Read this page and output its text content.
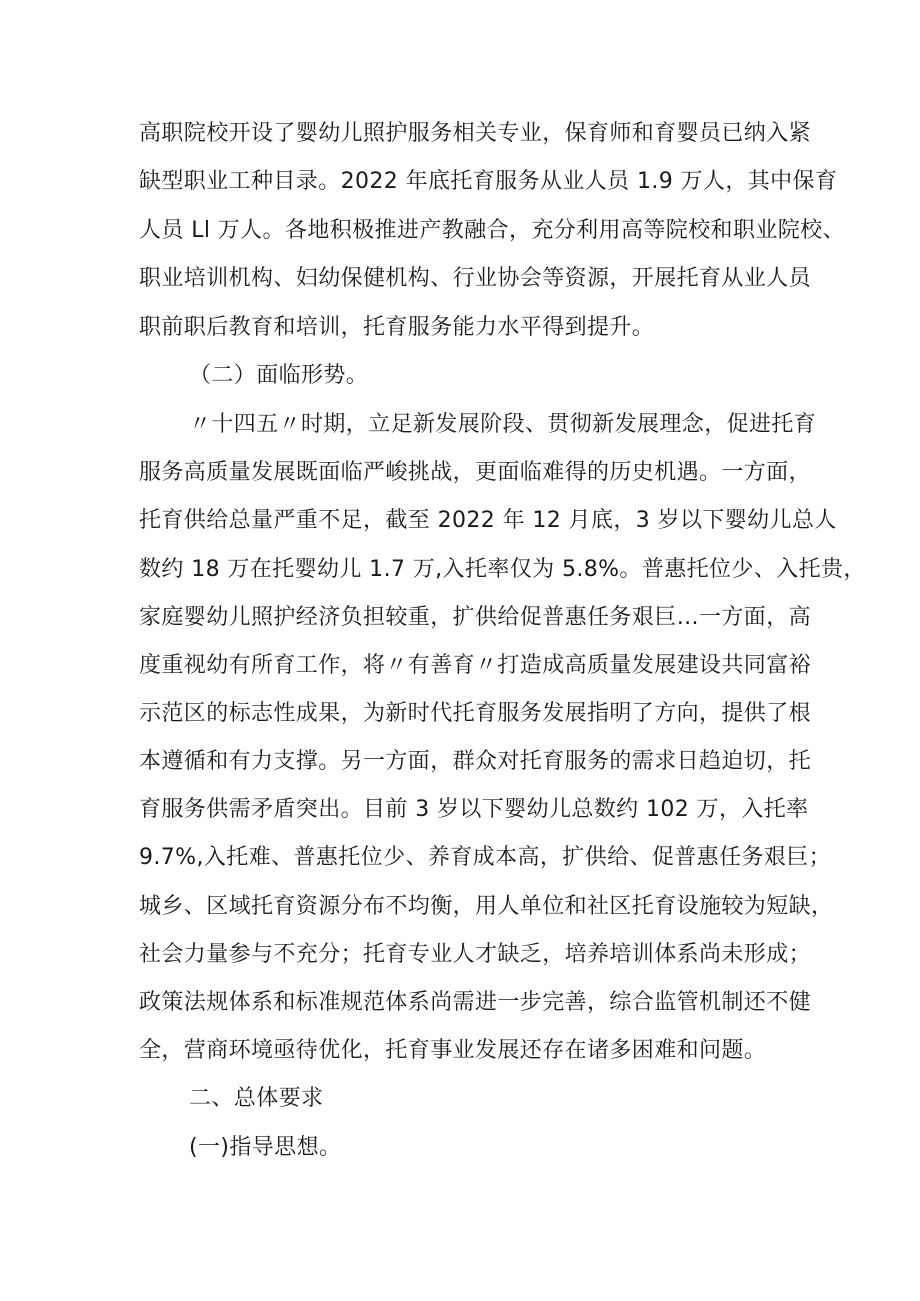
高职院校开设了婴幼儿照护服务相关专业，保育师和育婴员已纳入紧
缺型职业工种目录。2022 年底托育服务从业人员 1.9 万人，其中保育
人员 Ll 万人。各地积极推进产教融合，充分利用高等院校和职业院校、
职业培训机构、妇幼保健机构、行业协会等资源，开展托育从业人员
职前职后教育和培训，托育服务能力水平得到提升。
（二）面临形势。
〃十四五〃时期，立足新发展阶段、贯彻新发展理念，促进托育
服务高质量发展既面临严峻挑战，更面临难得的历史机遇。一方面，
托育供给总量严重不足，截至 2022 年 12 月底，3 岁以下婴幼儿总人
数约 18 万在托婴幼儿 1.7 万,入托率仅为 5.8%。普惠托位少、入托贵，
家庭婴幼儿照护经济负担较重，扩供给促普惠任务艰巨…一方面，高
度重视幼有所育工作，将〃有善育〃打造成高质量发展建设共同富裕
示范区的标志性成果，为新时代托育服务发展指明了方向，提供了根
本遵循和有力支撑。另一方面，群众对托育服务的需求日趋迫切，托
育服务供需矛盾突出。目前 3 岁以下婴幼儿总数约 102 万，入托率
9.7%,入托难、普惠托位少、养育成本高，扩供给、促普惠任务艰巨；
城乡、区域托育资源分布不均衡，用人单位和社区托育设施较为短缺，
社会力量参与不充分；托育专业人才缺乏，培养培训体系尚未形成；
政策法规体系和标准规范体系尚需进一步完善，综合监管机制还不健
全，营商环境亟待优化，托育事业发展还存在诸多困难和问题。
二、总体要求
(一)指导思想。
